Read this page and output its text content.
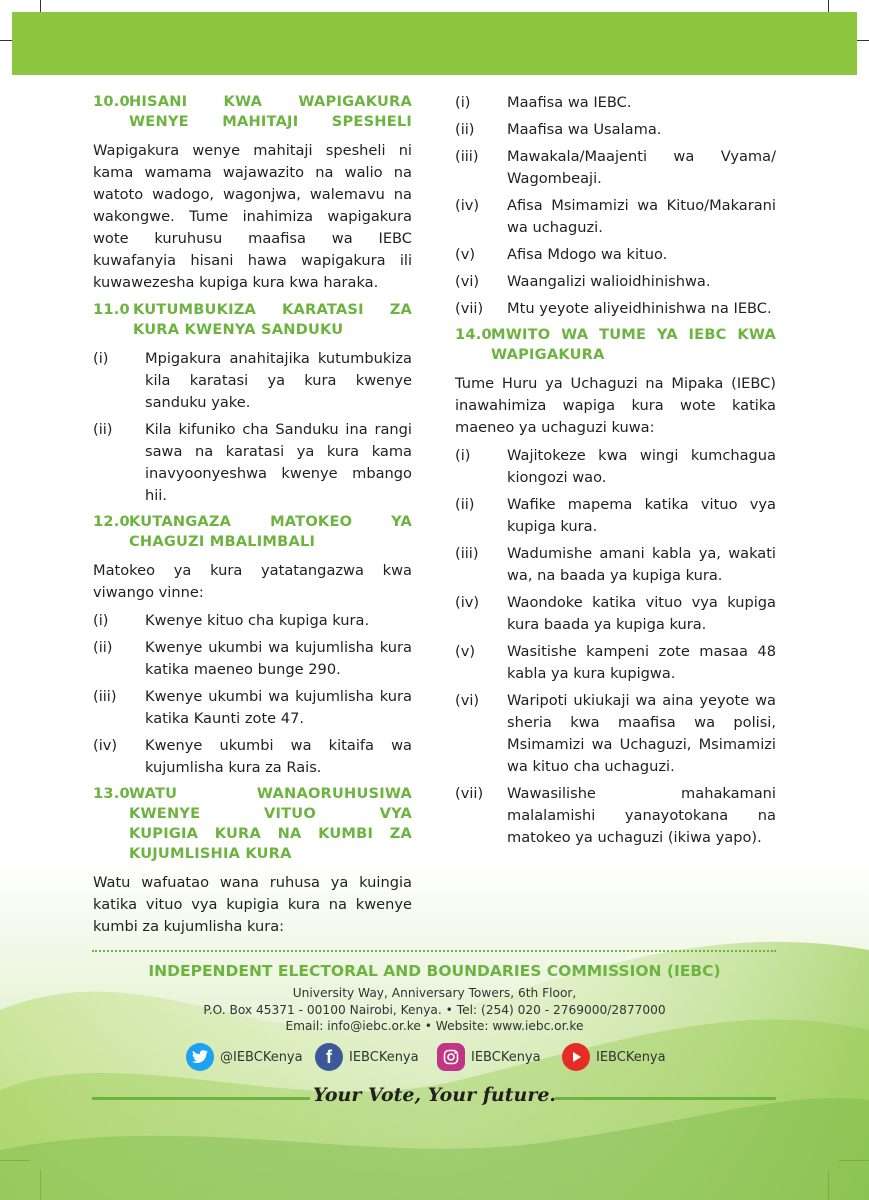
10.0 HISANI KWA WAPIGAKURA
WENYE MAHITAJI SPESHELI

Wapigakura wenye mahitaji spesheli ni kama wamama wajawazito na walio na watoto wadogo, wagonjwa, walemavu na wakongwe. Tume inahimiza wapigakura wote kuruhusu maafisa wa IEBC kuwafanyia hisani hawa wapigakura ili kuwawezesha kupiga kura kwa haraka.

11.0 KUTUMBUKIZA KARATASI ZA
KURA KWENYA SANDUKU
(i)	Mpigakura anahitajika kutumbukiza kila karatasi ya kura kwenye sanduku yake.
(ii)	Kila kifuniko cha Sanduku ina rangi sawa na karatasi ya kura kama inavyoonyeshwa kwenye mbango hii.
12.0 KUTANGAZA MATOKEO YA
CHAGUZI MBALIMBALI

Matokeo ya kura yatatangazwa kwa viwango vinne:

(i)	Kwenye kituo cha kupiga kura.
(ii)	Kwenye ukumbi wa kujumlisha kura katika maeneo bunge 290.
(iii)	Kwenye ukumbi wa kujumlisha kura katika Kaunti zote 47.
(iv)	Kwenye ukumbi wa kitaifa wa kujumlisha kura za Rais.
13.0 WATU WANAORUHUSIWA
KWENYE VITUO VYA
KUPIGIA KURA NA KUMBI ZA
KUJUMLISHIA KURA

Watu wafuatao wana ruhusa ya kuingia katika vituo vya kupigia kura na kwenye kumbi za kujumlisha kura:

(i)	Maafisa wa IEBC.
(ii)	Maafisa wa Usalama.
(iii)	Mawakala/Maajenti wa Vyama/ Wagombeaji.
(iv)	Afisa Msimamizi wa Kituo/Makarani wa uchaguzi.
(v)	Afisa Mdogo wa kituo.
(vi)	Waangalizi walioidhinishwa.
(vii)	Mtu yeyote aliyeidhinishwa na IEBC.
14.0 MWITO WA TUME YA IEBC KWA
WAPIGAKURA

Tume Huru ya Uchaguzi na Mipaka (IEBC) inawahimiza wapiga kura wote katika maeneo ya uchaguzi kuwa:

(i)	Wajitokeze kwa wingi kumchagua kiongozi wao.
(ii)	Wafike mapema katika vituo vya kupiga kura.
(iii)	Wadumishe amani kabla ya, wakati wa, na baada ya kupiga kura.
(iv)	Waondoke katika vituo vya kupiga kura baada ya kupiga kura.
(v)	Wasitishe kampeni zote masaa 48 kabla ya kura kupigwa.
(vi)	Waripoti ukiukaji wa aina yeyote wa sheria kwa maafisa wa polisi, Msimamizi wa Uchaguzi, Msimamizi wa kituo cha uchaguzi.
(vii)	Wawasilishe mahakamani malalamishi yanayotokana na matokeo ya uchaguzi (ikiwa yapo).
INDEPENDENT ELECTORAL AND BOUNDARIES COMMISSION (IEBC)
University Way, Anniversary Towers, 6th Floor,
P.O. Box 45371 - 00100 Nairobi, Kenya. • Tel: (254) 020 - 2769000/2877000
Email: info@iebc.or.ke • Website: www.iebc.or.ke
@IEBCKenya f IEBCKenya	IEBCKenya	IEBCKenya
Your Vote, Your future.
